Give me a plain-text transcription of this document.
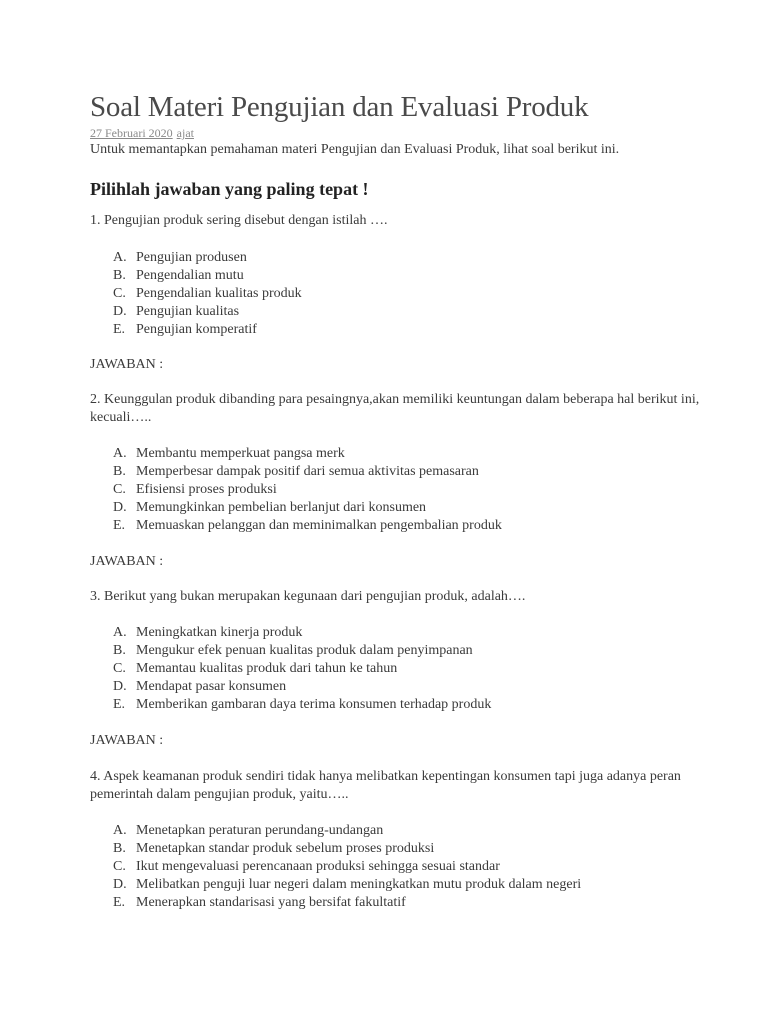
Soal Materi Pengujian dan Evaluasi Produk
27 Februari 2020 ajat

Untuk memantapkan pemahaman materi Pengujian dan Evaluasi Produk, lihat soal berikut ini.

Pilihlah jawaban yang paling tepat !

1. Pengujian produk sering disebut dengan istilah ….

A. Pengujian produsen
B. Pengendalian mutu
C. Pengendalian kualitas produk
D. Pengujian kualitas
E. Pengujian komperatif

JAWABAN :

2. Keunggulan produk dibanding para pesaingnya,akan memiliki keuntungan dalam beberapa hal berikut ini, kecuali…..

A. Membantu memperkuat pangsa merk
B. Memperbesar dampak positif dari semua aktivitas pemasaran
C. Efisiensi proses produksi
D. Memungkinkan pembelian berlanjut dari konsumen
E. Memuaskan pelanggan dan meminimalkan pengembalian produk

JAWABAN :

3. Berikut yang bukan merupakan kegunaan dari pengujian produk, adalah….

A. Meningkatkan kinerja produk
B. Mengukur efek penuan kualitas produk dalam penyimpanan
C. Memantau kualitas produk dari tahun ke tahun
D. Mendapat pasar konsumen
E. Memberikan gambaran daya terima konsumen terhadap produk

JAWABAN :

4. Aspek keamanan produk sendiri tidak hanya melibatkan kepentingan konsumen tapi juga adanya peran pemerintah dalam pengujian produk, yaitu…..

A. Menetapkan peraturan perundang-undangan
B. Menetapkan standar produk sebelum proses produksi
C. Ikut mengevaluasi perencanaan produksi sehingga sesuai standar
D. Melibatkan penguji luar negeri dalam meningkatkan mutu produk dalam negeri
E. Menerapkan standarisasi yang bersifat fakultatif
